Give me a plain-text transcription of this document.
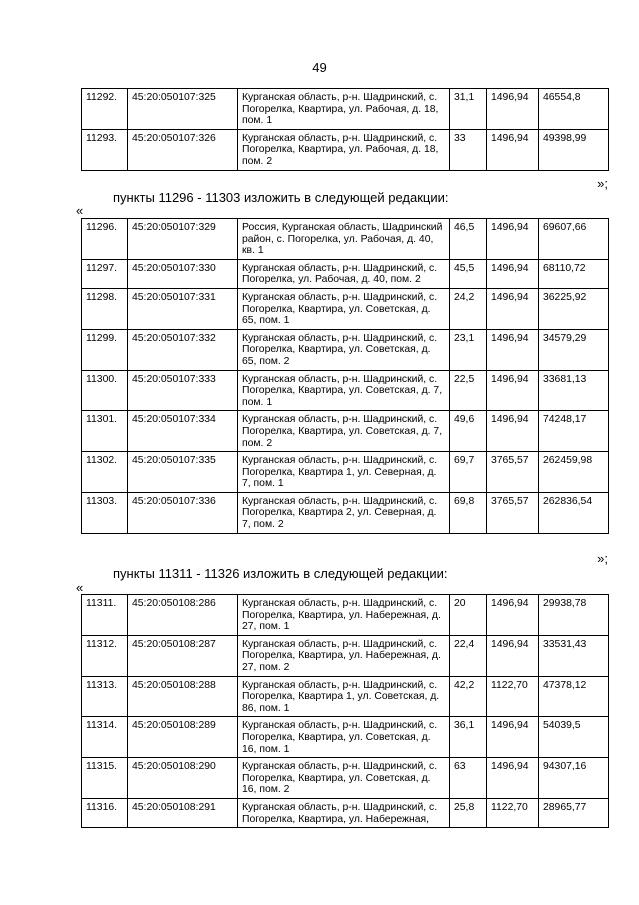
49
11292.	45:20:050107:325	Курганская область, р-н. Шадринский, с. Погорелка, Квартира, ул. Рабочая, д. 18, пом. 1	31,1	1496,94	46554,8
11293.	45:20:050107:326	Курганская область, р-н. Шадринский, с. Погорелка, Квартира, ул. Рабочая, д. 18, пом. 2	33	1496,94	49398,99
»;
пункты 11296 - 11303 изложить в следующей редакции:
«
11296.	45:20:050107:329	Россия, Курганская область, Шадринский район, с. Погорелка, ул. Рабочая, д. 40, кв. 1	46,5	1496,94	69607,66
11297.	45:20:050107:330	Курганская область, р-н. Шадринский, с. Погорелка, ул. Рабочая, д. 40, пом. 2	45,5	1496,94	68110,72
11298.	45:20:050107:331	Курганская область, р-н. Шадринский, с. Погорелка, Квартира, ул. Советская, д. 65, пом. 1	24,2	1496,94	36225,92
11299.	45:20:050107:332	Курганская область, р-н. Шадринский, с. Погорелка, Квартира, ул. Советская, д. 65, пом. 2	23,1	1496,94	34579,29
11300.	45:20:050107:333	Курганская область, р-н. Шадринский, с. Погорелка, Квартира, ул. Советская, д. 7, пом. 1	22,5	1496,94	33681,13
11301.	45:20:050107:334	Курганская область, р-н. Шадринский, с. Погорелка, Квартира, ул. Советская, д. 7, пом. 2	49,6	1496,94	74248,17
11302.	45:20:050107:335	Курганская область, р-н. Шадринский, с. Погорелка, Квартира 1, ул. Северная, д. 7, пом. 1	69,7	3765,57	262459,98
11303.	45:20:050107:336	Курганская область, р-н. Шадринский, с. Погорелка, Квартира 2, ул. Северная, д. 7, пом. 2	69,8	3765,57	262836,54
»;
пункты 11311 - 11326 изложить в следующей редакции:
«
11311.	45:20:050108:286	Курганская область, р-н. Шадринский, с. Погорелка, Квартира, ул. Набережная, д. 27, пом. 1	20	1496,94	29938,78
11312.	45:20:050108:287	Курганская область, р-н. Шадринский, с. Погорелка, Квартира, ул. Набережная, д. 27, пом. 2	22,4	1496,94	33531,43
11313.	45:20:050108:288	Курганская область, р-н. Шадринский, с. Погорелка, Квартира 1, ул. Советская, д. 86, пом. 1	42,2	1122,70	47378,12
11314.	45:20:050108:289	Курганская область, р-н. Шадринский, с. Погорелка, Квартира, ул. Советская, д. 16, пом. 1	36,1	1496,94	54039,5
11315.	45:20:050108:290	Курганская область, р-н. Шадринский, с. Погорелка, Квартира, ул. Советская, д. 16, пом. 2	63	1496,94	94307,16
11316.	45:20:050108:291	Курганская область, р-н. Шадринский, с. Погорелка, Квартира, ул. Набережная,	25,8	1122,70	28965,77
